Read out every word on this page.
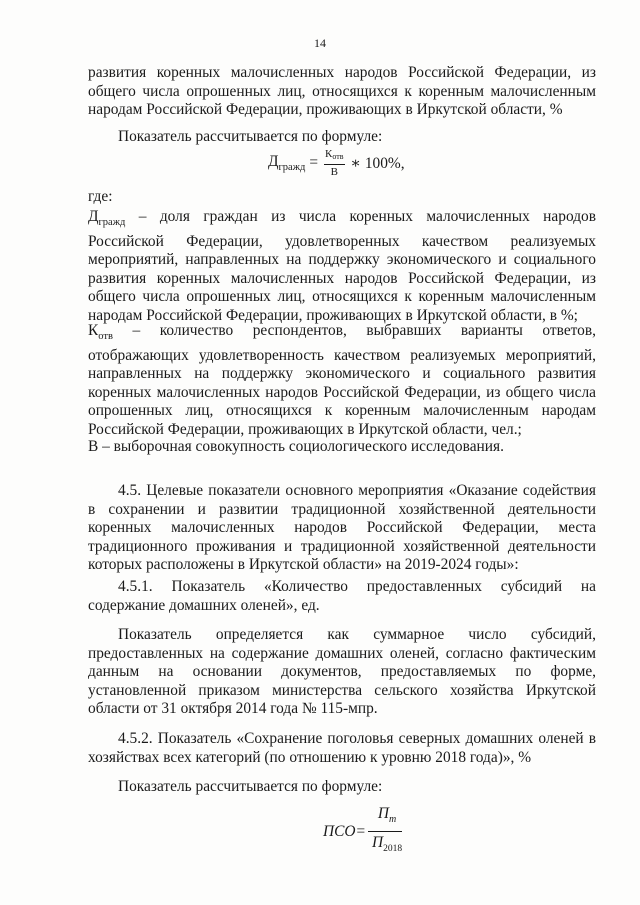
14
развития коренных малочисленных народов Российской Федерации, из общего числа опрошенных лиц, относящихся к коренным малочисленным народам Российской Федерации, проживающих в Иркутской области, %
Показатель рассчитывается по формуле:
$Д_{гражд} = \frac{\text{Котв}}{В}$ ∗ 100%,
где:
$Д_{гражд}$ – доля граждан из числа коренных малочисленных народов Российской Федерации, удовлетворенных качеством реализуемых мероприятий, направленных на поддержку экономического и социального развития коренных малочисленных народов Российской Федерации, из общего числа опрошенных лиц, относящихся к коренным малочисленным народам Российской Федерации, проживающих в Иркутской области, в %;
$К_{отв}$ – количество респондентов, выбравших варианты ответов, отображающих удовлетворенность качеством реализуемых мероприятий, направленных на поддержку экономического и социального развития коренных малочисленных народов Российской Федерации, из общего числа опрошенных лиц, относящихся к коренным малочисленным народам Российской Федерации, проживающих в Иркутской области, чел.;
В – выборочная совокупность социологического исследования.
4.5. Целевые показатели основного мероприятия «Оказание содействия в сохранении и развитии традиционной хозяйственной деятельности коренных малочисленных народов Российской Федерации, места традиционного проживания и традиционной хозяйственной деятельности которых расположены в Иркутской области» на 2019-2024 годы»:
4.5.1. Показатель «Количество предоставленных субсидий на содержание домашних оленей», ед.
Показатель определяется как суммарное число субсидий, предоставленных на содержание домашних оленей, согласно фактическим данным на основании документов, предоставляемых по форме, установленной приказом министерства сельского хозяйства Иркутской области от 31 октября 2014 года № 115-мпр.
4.5.2. Показатель «Сохранение поголовья северных домашних оленей в хозяйствах всех категорий (по отношению к уровню 2018 года)», %
Показатель рассчитывается по формуле:
ПСО = $\frac{П_т}{П_{2018}}$
